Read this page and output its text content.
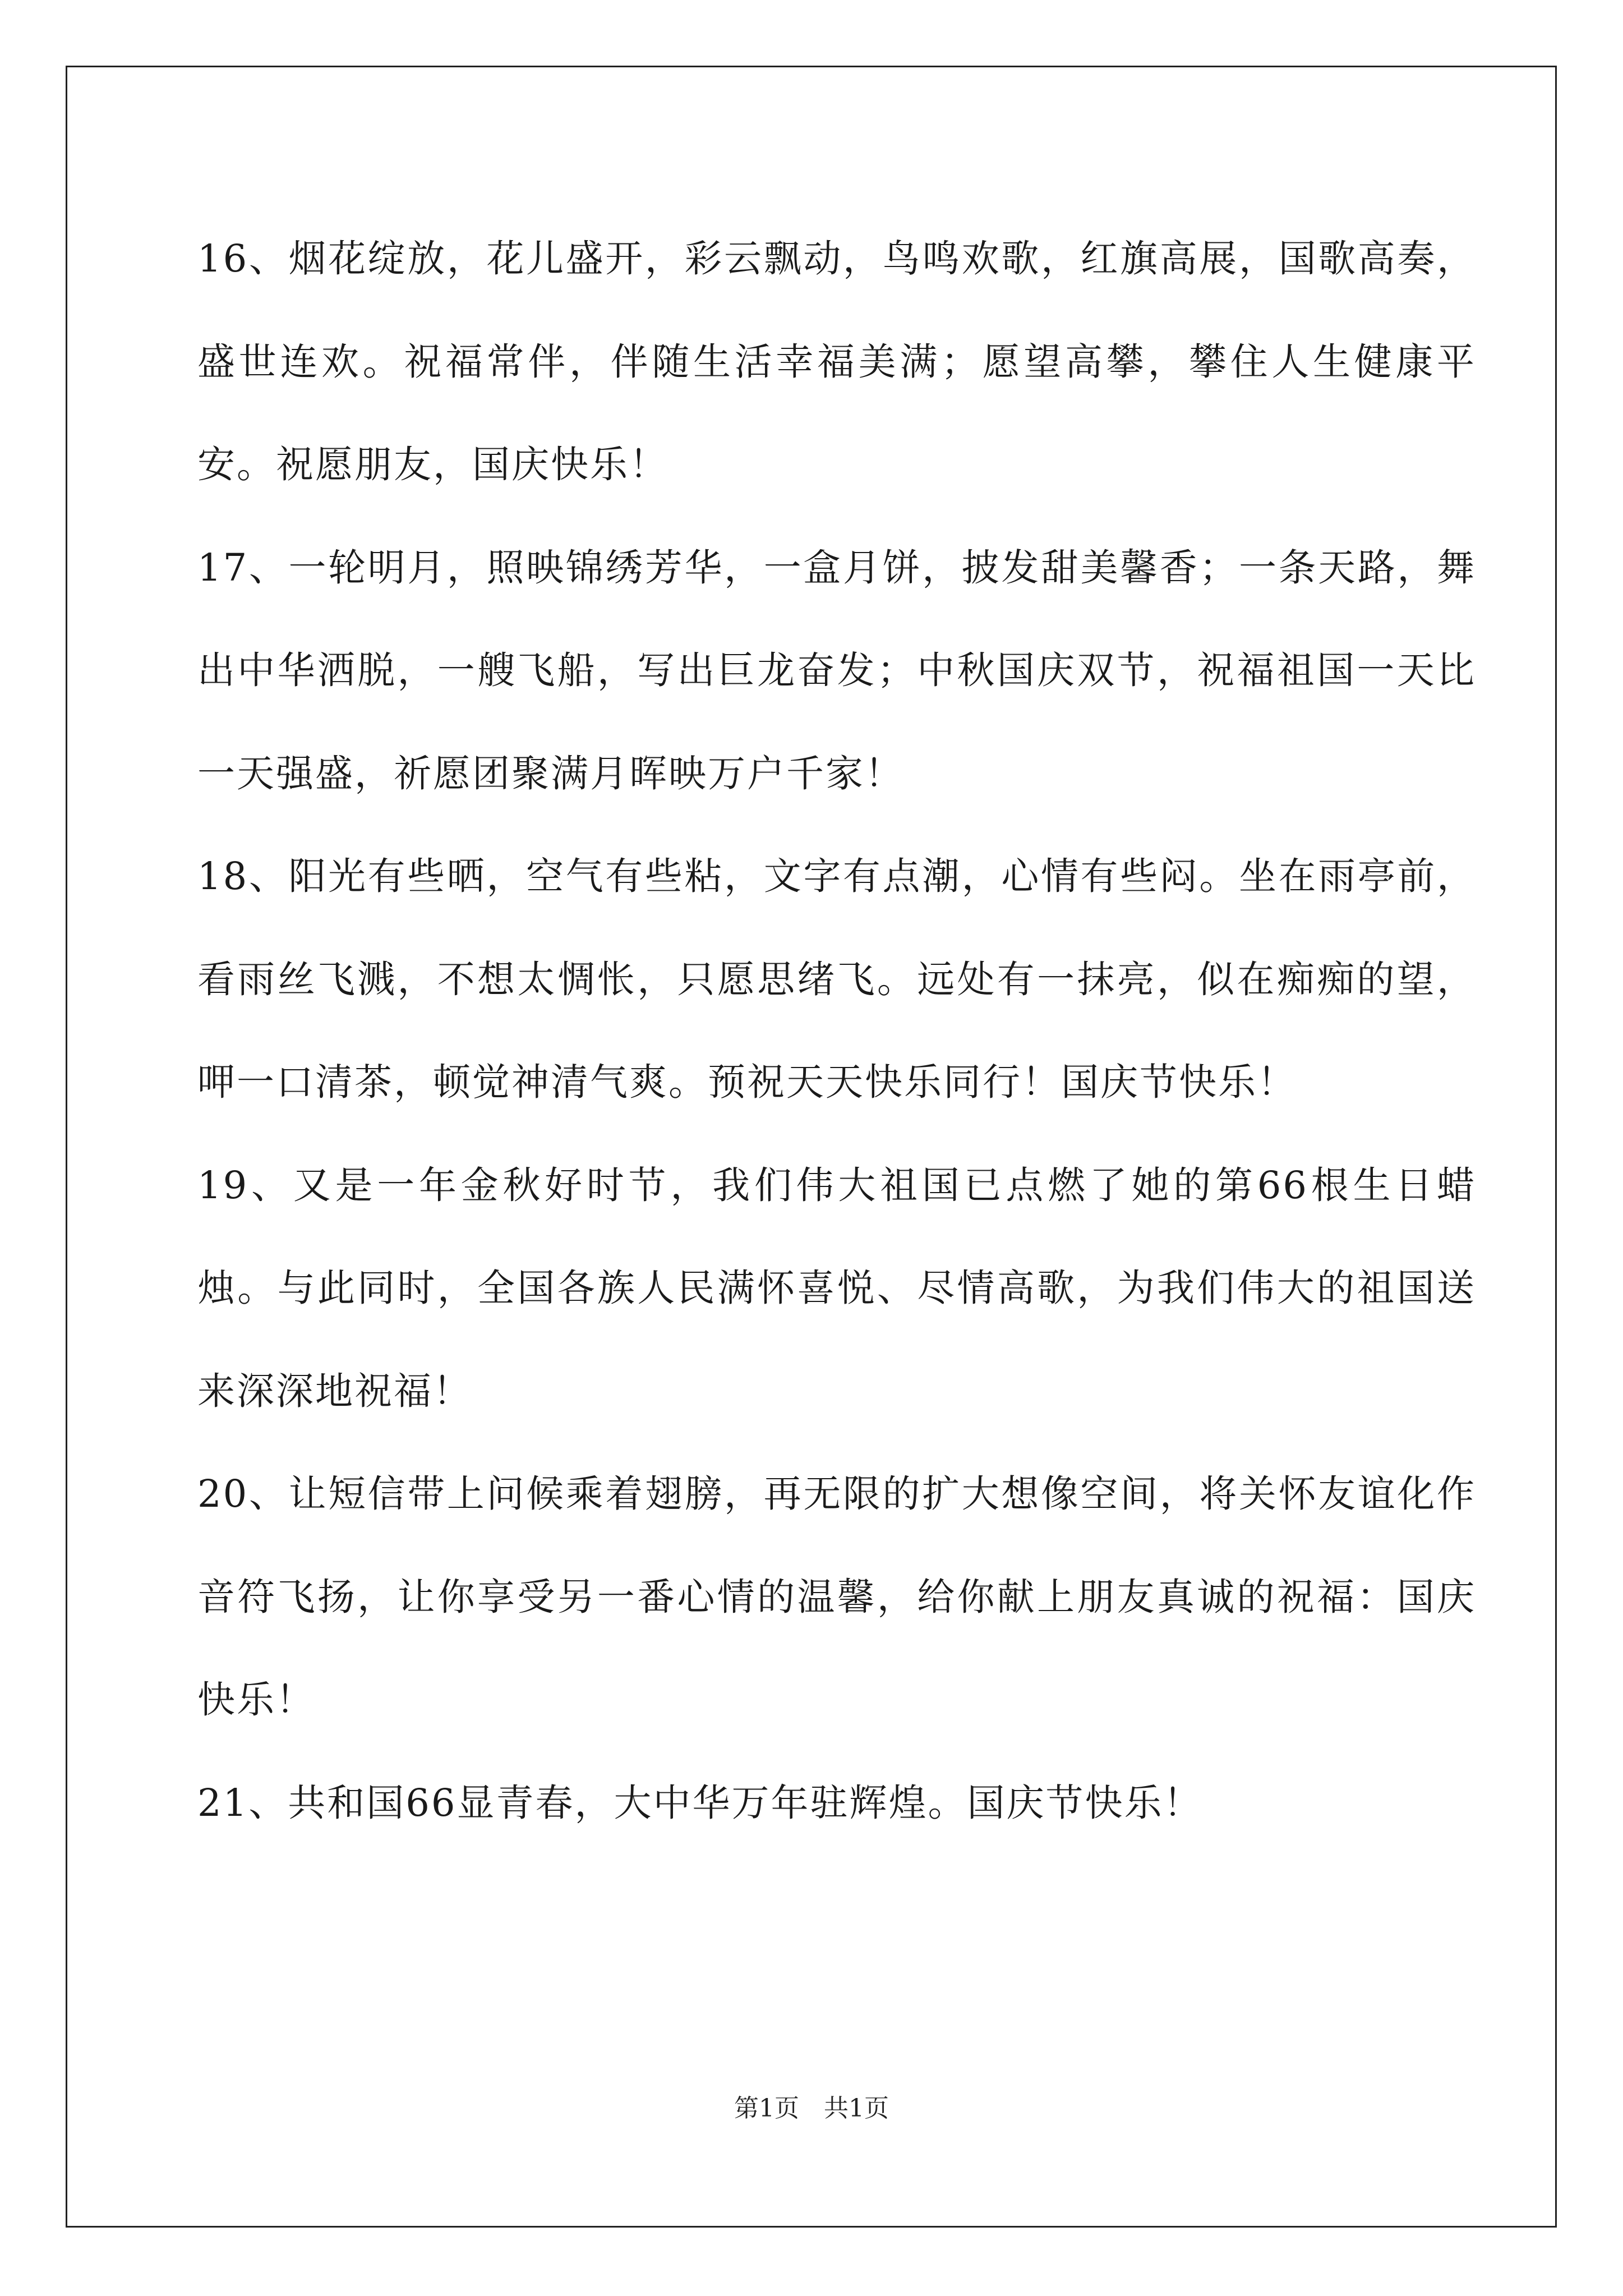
16、烟花绽放，花儿盛开，彩云飘动，鸟鸣欢歌，红旗高展，国歌高奏，盛世连欢。祝福常伴，伴随生活幸福美满；愿望高攀，攀住人生健康平安。祝愿朋友，国庆快乐！

17、一轮明月，照映锦绣芳华，一盒月饼，披发甜美馨香；一条天路，舞出中华洒脱，一艘飞船，写出巨龙奋发；中秋国庆双节，祝福祖国一天比一天强盛，祈愿团聚满月晖映万户千家！

18、阳光有些晒，空气有些粘，文字有点潮，心情有些闷。坐在雨亭前，看雨丝飞溅，不想太惆怅，只愿思绪飞。远处有一抹亮，似在痴痴的望，呷一口清茶，顿觉神清气爽。预祝天天快乐同行！国庆节快乐！

19、又是一年金秋好时节，我们伟大祖国已点燃了她的第66根生日蜡烛。与此同时，全国各族人民满怀喜悦、尽情高歌，为我们伟大的祖国送来深深地祝福！

20、让短信带上问候乘着翅膀，再无限的扩大想像空间，将关怀友谊化作音符飞扬，让你享受另一番心情的温馨，给你献上朋友真诚的祝福：国庆快乐！

21、共和国66显青春，大中华万年驻辉煌。国庆节快乐！

第1页　共1页
